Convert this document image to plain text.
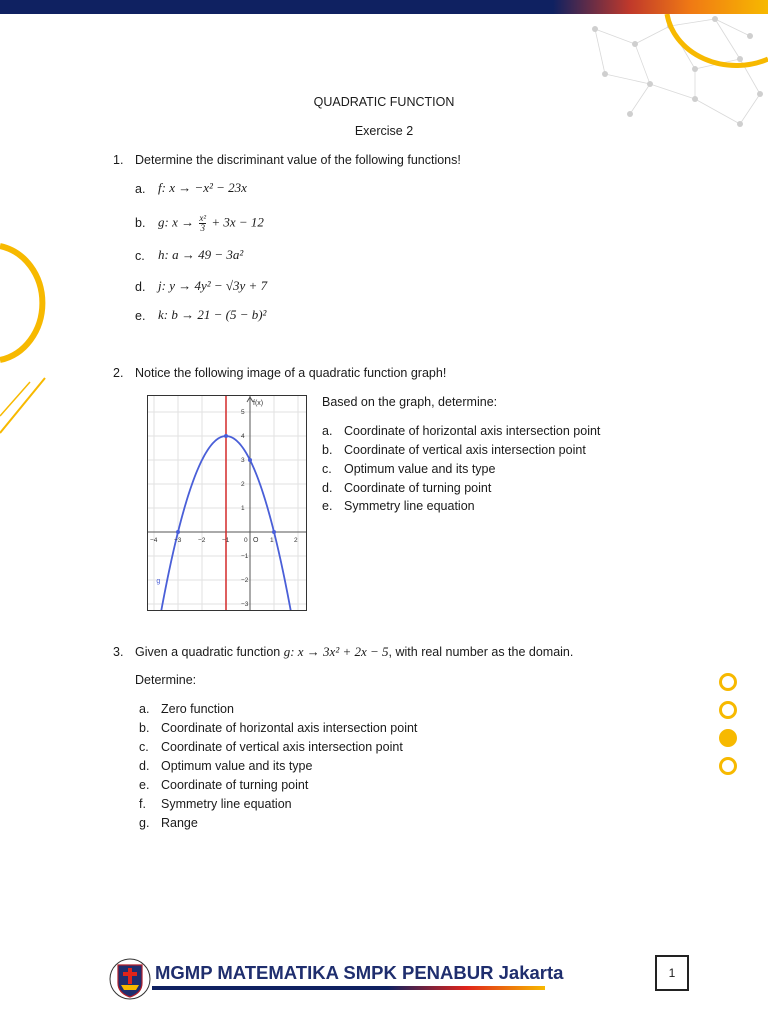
QUADRATIC FUNCTION
Exercise 2
1. Determine the discriminant value of the following functions!
a. f: x → −x² − 23x
b. g: $x \to \frac{\text{x²}}{3} + 3x - 12$
c.	h: a → 49 − 3a²
d. j: y → 4y² − √3y + 7
e. k: b → 21 − (5 − b)²
2. Notice the following image of a quadratic function graph!
−4	−3	−2	−1 0	1	2
5
4
3
2
1
−1
−2
−3
f(x)
O
g
Based on the graph, determine:
a. Coordinate of horizontal axis intersection point
b. Coordinate of vertical axis intersection point
c. Optimum value and its type
d. Coordinate of turning point
e. Symmetry line equation
3. Given a quadratic function g: x → 3x² + 2x − 5, with real number as the domain.
Determine:
a. Zero function
b. Coordinate of horizontal axis intersection point
c. Coordinate of vertical axis intersection point
d. Optimum value and its type
e. Coordinate of turning point
f.	Symmetry line equation
g. Range
MGMP MATEMATIKA SMPK PENABUR Jakarta	1
